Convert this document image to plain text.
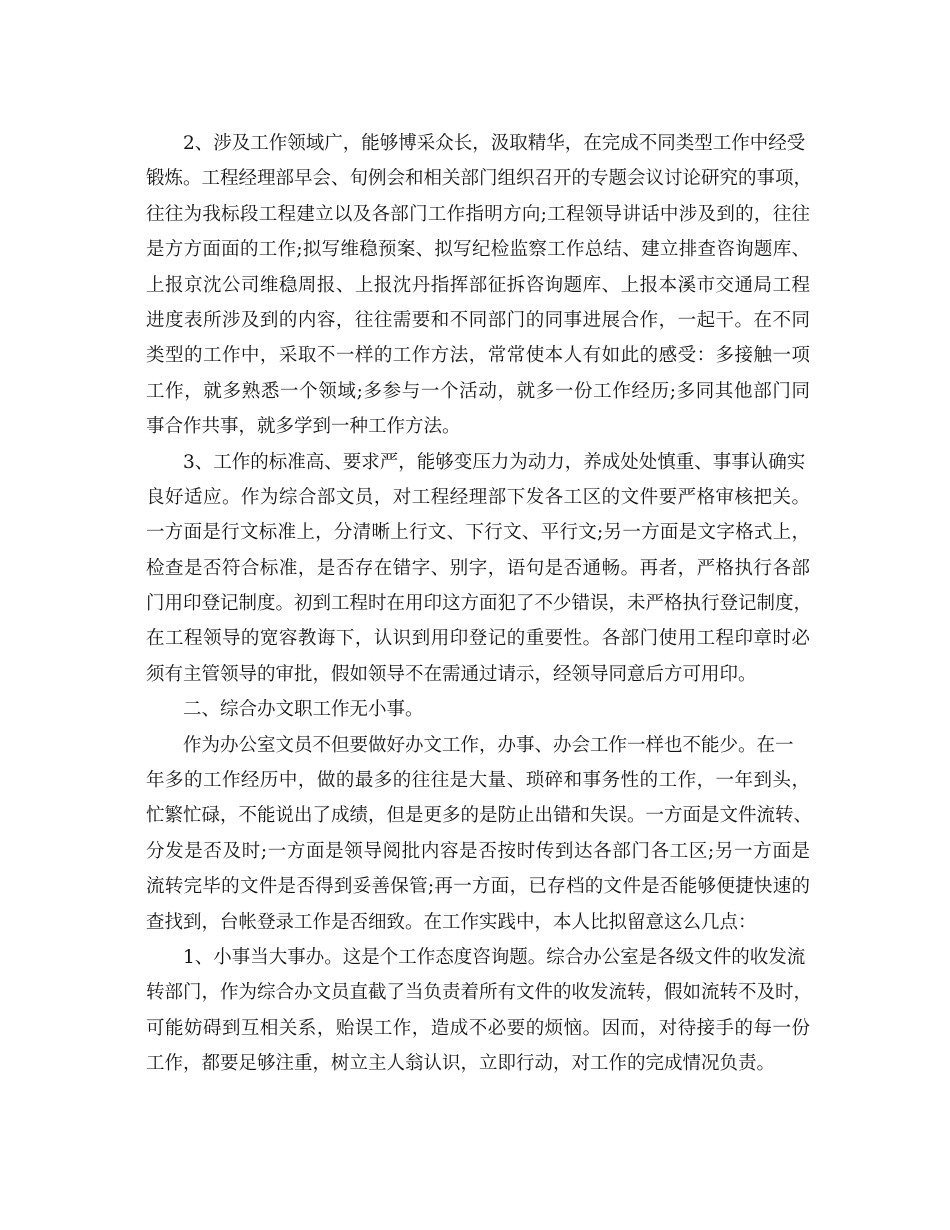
2、涉及工作领域广，能够博采众长，汲取精华，在完成不同类型工作中经受
锻炼。工程经理部早会、旬例会和相关部门组织召开的专题会议讨论研究的事项，
往往为我标段工程建立以及各部门工作指明方向;工程领导讲话中涉及到的，往往
是方方面面的工作;拟写维稳预案、拟写纪检监察工作总结、建立排查咨询题库、
上报京沈公司维稳周报、上报沈丹指挥部征拆咨询题库、上报本溪市交通局工程
进度表所涉及到的内容，往往需要和不同部门的同事进展合作，一起干。在不同
类型的工作中，采取不一样的工作方法，常常使本人有如此的感受：多接触一项
工作，就多熟悉一个领域;多参与一个活动，就多一份工作经历;多同其他部门同
事合作共事，就多学到一种工作方法。
3、工作的标准高、要求严，能够变压力为动力，养成处处慎重、事事认确实
良好适应。作为综合部文员，对工程经理部下发各工区的文件要严格审核把关。
一方面是行文标准上，分清晰上行文、下行文、平行文;另一方面是文字格式上，
检查是否符合标准，是否存在错字、别字，语句是否通畅。再者，严格执行各部
门用印登记制度。初到工程时在用印这方面犯了不少错误，未严格执行登记制度，
在工程领导的宽容教诲下，认识到用印登记的重要性。各部门使用工程印章时必
须有主管领导的审批，假如领导不在需通过请示，经领导同意后方可用印。
二、综合办文职工作无小事。
作为办公室文员不但要做好办文工作，办事、办会工作一样也不能少。在一
年多的工作经历中，做的最多的往往是大量、琐碎和事务性的工作，一年到头，
忙繁忙碌，不能说出了成绩，但是更多的是防止出错和失误。一方面是文件流转、
分发是否及时;一方面是领导阅批内容是否按时传到达各部门各工区;另一方面是
流转完毕的文件是否得到妥善保管;再一方面，已存档的文件是否能够便捷快速的
查找到，台帐登录工作是否细致。在工作实践中，本人比拟留意这么几点：
1、小事当大事办。这是个工作态度咨询题。综合办公室是各级文件的收发流
转部门，作为综合办文员直截了当负责着所有文件的收发流转，假如流转不及时，
可能妨碍到互相关系，贻误工作，造成不必要的烦恼。因而，对待接手的每一份
工作，都要足够注重，树立主人翁认识，立即行动，对工作的完成情况负责。
